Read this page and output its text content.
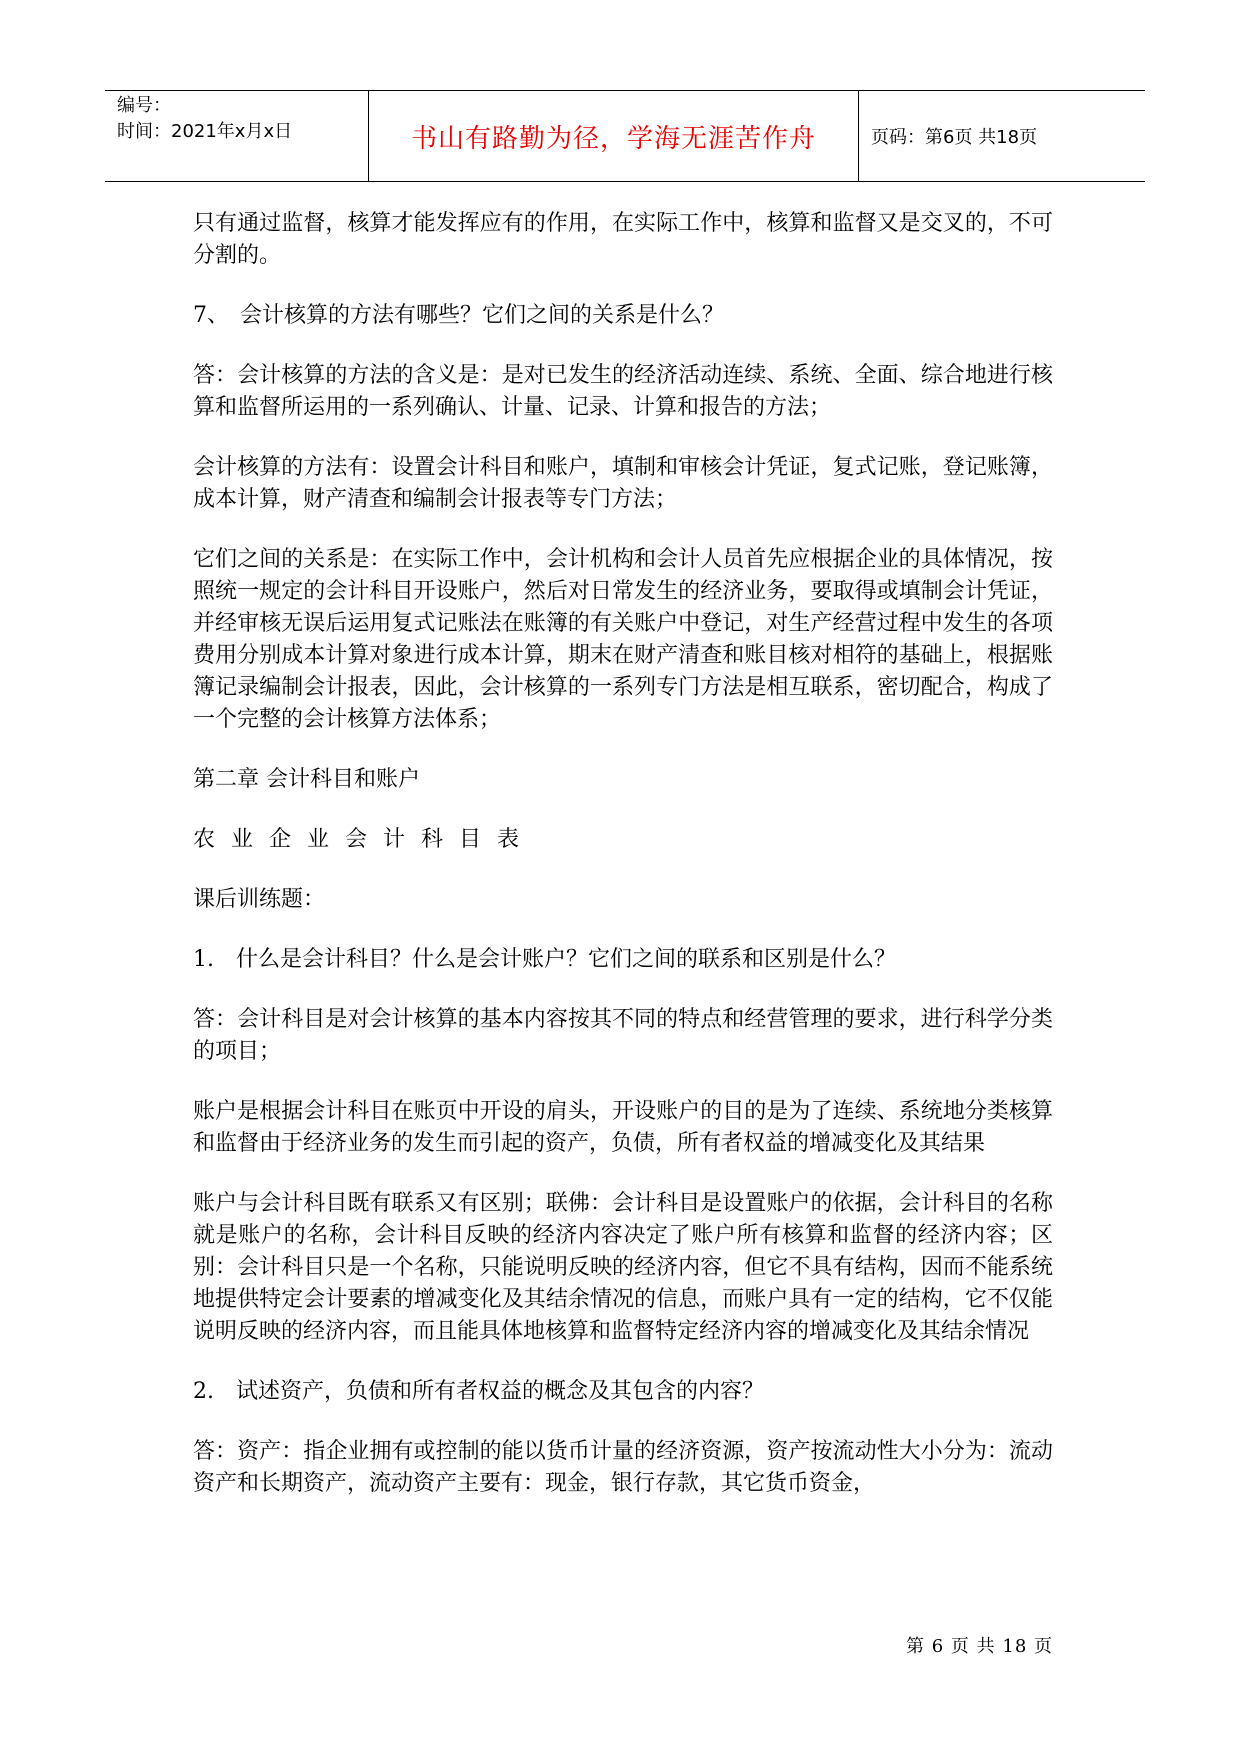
编号：
时间：2021年x月x日	书山有路勤为径，学海无涯苦作舟	页码：第6页 共18页

只有通过监督，核算才能发挥应有的作用，在实际工作中，核算和监督又是交叉的，不可分割的。

7、　会计核算的方法有哪些？它们之间的关系是什么？

答：会计核算的方法的含义是：是对已发生的经济活动连续、系统、全面、综合地进行核算和监督所运用的一系列确认、计量、记录、计算和报告的方法；

会计核算的方法有：设置会计科目和账户，填制和审核会计凭证，复式记账，登记账簿，成本计算，财产清查和编制会计报表等专门方法；

它们之间的关系是：在实际工作中，会计机构和会计人员首先应根据企业的具体情况，按照统一规定的会计科目开设账户，然后对日常发生的经济业务，要取得或填制会计凭证，并经审核无误后运用复式记账法在账簿的有关账户中登记，对生产经营过程中发生的各项费用分别成本计算对象进行成本计算，期末在财产清查和账目核对相符的基础上，根据账簿记录编制会计报表，因此，会计核算的一系列专门方法是相互联系，密切配合，构成了一个完整的会计核算方法体系；

第二章 会计科目和账户

农业企业会计科目表

课后训练题：

1.　什么是会计科目？什么是会计账户？它们之间的联系和区别是什么？

答：会计科目是对会计核算的基本内容按其不同的特点和经营管理的要求，进行科学分类的项目；

账户是根据会计科目在账页中开设的肩头，开设账户的目的是为了连续、系统地分类核算和监督由于经济业务的发生而引起的资产，负债，所有者权益的增减变化及其结果

账户与会计科目既有联系又有区别；联佛：会计科目是设置账户的依据，会计科目的名称就是账户的名称，会计科目反映的经济内容决定了账户所有核算和监督的经济内容；区别：会计科目只是一个名称，只能说明反映的经济内容，但它不具有结构，因而不能系统地提供特定会计要素的增减变化及其结余情况的信息，而账户具有一定的结构，它不仅能说明反映的经济内容，而且能具体地核算和监督特定经济内容的增减变化及其结余情况

2.　试述资产，负债和所有者权益的概念及其包含的内容？

答：资产：指企业拥有或控制的能以货币计量的经济资源，资产按流动性大小分为：流动资产和长期资产，流动资产主要有：现金，银行存款，其它货币资金，

第 6 页 共 18 页
